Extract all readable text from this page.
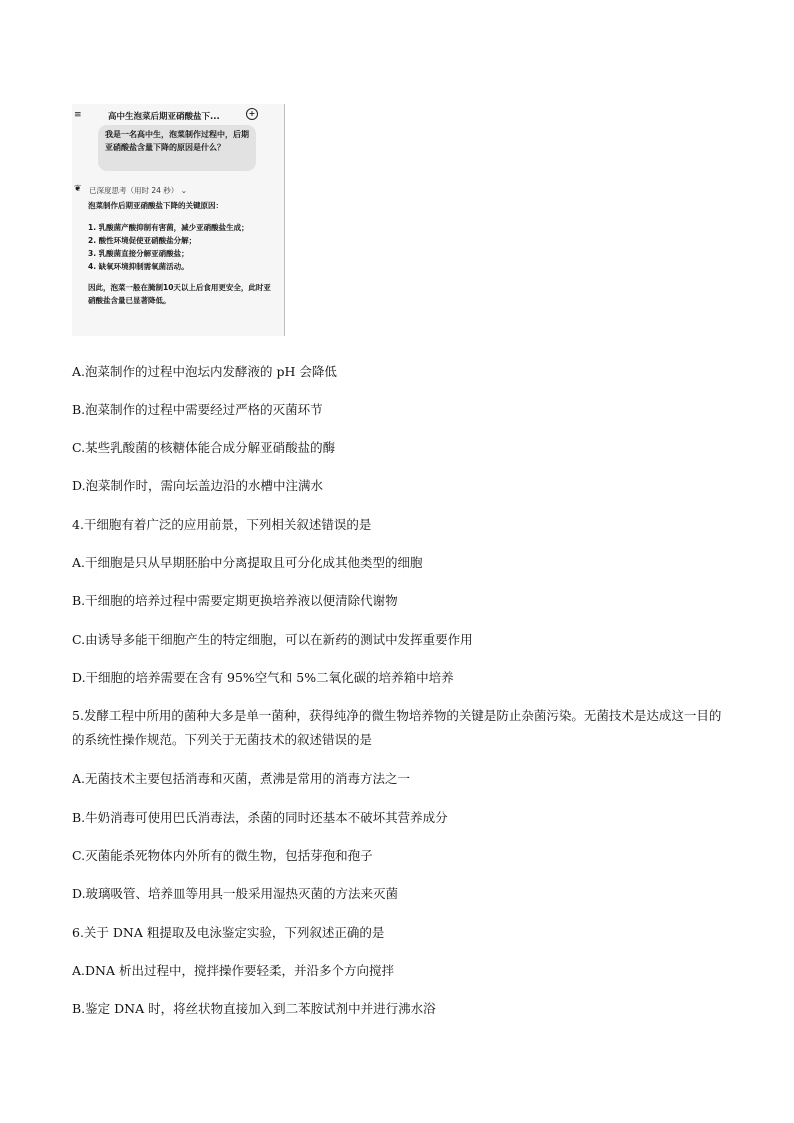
≡	高中生泡菜后期亚硝酸盐下...	+
我是一名高中生，泡菜制作过程中，后期亚硝酸盐含量下降的原因是什么？
❦ 已深度思考（用时 24 秒） ⌄
泡菜制作后期亚硝酸盐下降的关键原因：
1. 乳酸菌产酸抑制有害菌，减少亚硝酸盐生成；
2. 酸性环境促使亚硝酸盐分解；
3. 乳酸菌直接分解亚硝酸盐；
4. 缺氧环境抑制需氧菌活动。
因此，泡菜一般在腌制10天以上后食用更安全，此时亚硝酸盐含量已显著降低。
A.泡菜制作的过程中泡坛内发酵液的 pH 会降低
B.泡菜制作的过程中需要经过严格的灭菌环节
C.某些乳酸菌的核糖体能合成分解亚硝酸盐的酶
D.泡菜制作时，需向坛盖边沿的水槽中注满水
4.干细胞有着广泛的应用前景，下列相关叙述错误的是
A.干细胞是只从早期胚胎中分离提取且可分化成其他类型的细胞
B.干细胞的培养过程中需要定期更换培养液以便清除代谢物
C.由诱导多能干细胞产生的特定细胞，可以在新药的测试中发挥重要作用
D.干细胞的培养需要在含有 95%空气和 5%二氧化碳的培养箱中培养
5.发酵工程中所用的菌种大多是单一菌种，获得纯净的微生物培养物的关键是防止杂菌污染。无菌技术是达成这一目的的系统性操作规范。下列关于无菌技术的叙述错误的是
A.无菌技术主要包括消毒和灭菌，煮沸是常用的消毒方法之一
B.牛奶消毒可使用巴氏消毒法，杀菌的同时还基本不破坏其营养成分
C.灭菌能杀死物体内外所有的微生物，包括芽孢和孢子
D.玻璃吸管、培养皿等用具一般采用湿热灭菌的方法来灭菌
6.关于 DNA 粗提取及电泳鉴定实验，下列叙述正确的是
A.DNA 析出过程中，搅拌操作要轻柔，并沿多个方向搅拌
B.鉴定 DNA 时，将丝状物直接加入到二苯胺试剂中并进行沸水浴
